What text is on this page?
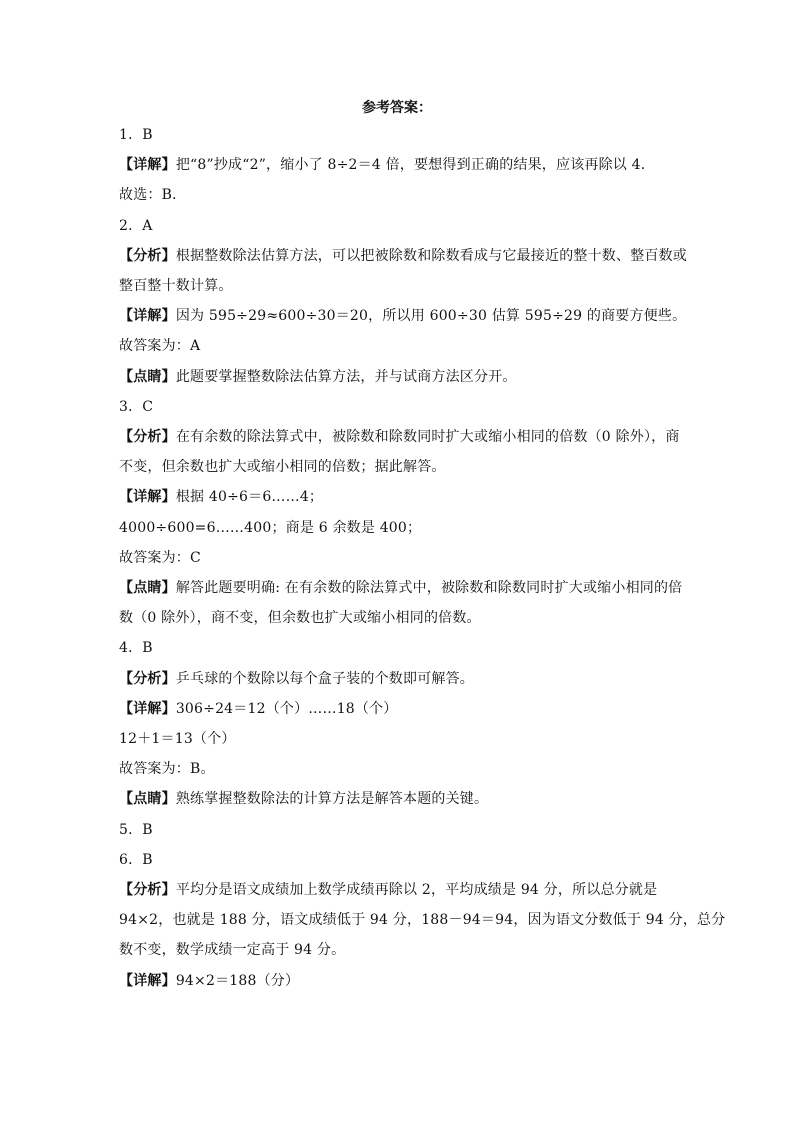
参考答案：
1．B
【详解】把“8”抄成“2”，缩小了 8÷2＝4 倍，要想得到正确的结果，应该再除以 4．
故选：B．
2．A
【分析】根据整数除法估算方法，可以把被除数和除数看成与它最接近的整十数、整百数或
整百整十数计算。
【详解】因为 595÷29≈600÷30＝20，所以用 600÷30 估算 595÷29 的商要方便些。
故答案为：A
【点睛】此题要掌握整数除法估算方法，并与试商方法区分开。
3．C
【分析】在有余数的除法算式中，被除数和除数同时扩大或缩小相同的倍数（0 除外），商
不变，但余数也扩大或缩小相同的倍数；据此解答。
【详解】根据 40÷6＝6……4；
4000÷600=6……400；商是 6 余数是 400；
故答案为：C
【点睛】解答此题要明确: 在有余数的除法算式中，被除数和除数同时扩大或缩小相同的倍
数（0 除外），商不变，但余数也扩大或缩小相同的倍数。
4．B
【分析】乒乓球的个数除以每个盒子装的个数即可解答。
【详解】306÷24＝12（个）……18（个）
12＋1＝13（个）
故答案为：B。
【点睛】熟练掌握整数除法的计算方法是解答本题的关键。
5．B
6．B
【分析】平均分是语文成绩加上数学成绩再除以 2，平均成绩是 94 分，所以总分就是
94×2，也就是 188 分，语文成绩低于 94 分，188－94＝94，因为语文分数低于 94 分，总分
数不变，数学成绩一定高于 94 分。
【详解】94×2＝188（分）
